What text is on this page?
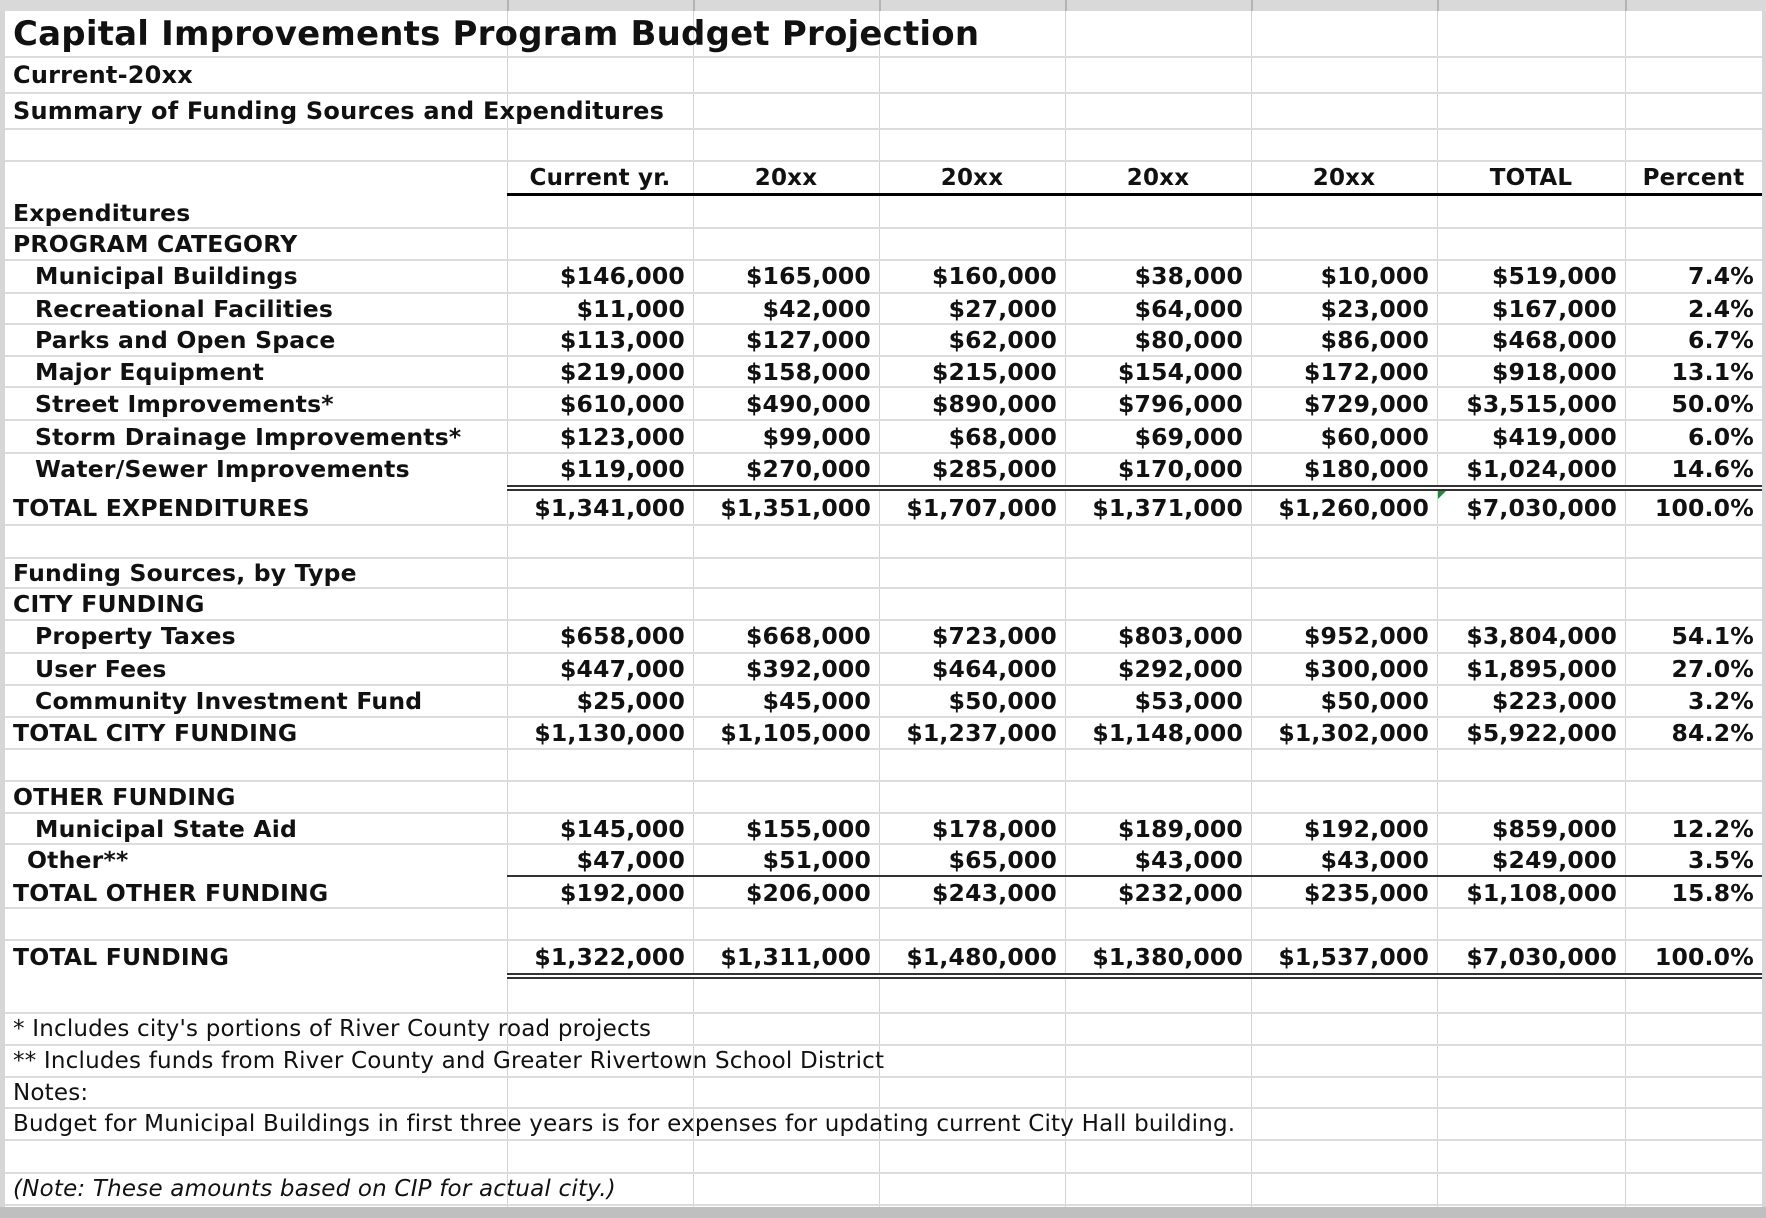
Capital Improvements Program Budget Projection
Current-20xx
Summary of Funding Sources and Expenditures
Current yr.	20xx	20xx	20xx	20xx	TOTAL	Percent
Expenditures
PROGRAM CATEGORY
Municipal Buildings	$146,000	$165,000	$160,000	$38,000	$10,000	$519,000	7.4%
Recreational Facilities	$11,000	$42,000	$27,000	$64,000	$23,000	$167,000	2.4%
Parks and Open Space	$113,000	$127,000	$62,000	$80,000	$86,000	$468,000	6.7%
Major Equipment	$219,000	$158,000	$215,000	$154,000	$172,000	$918,000	13.1%
Street Improvements*	$610,000	$490,000	$890,000	$796,000	$729,000	$3,515,000	50.0%
Storm Drainage Improvements*	$123,000	$99,000	$68,000	$69,000	$60,000	$419,000	6.0%
Water/Sewer Improvements	$119,000	$270,000	$285,000	$170,000	$180,000	$1,024,000	14.6%
TOTAL EXPENDITURES	$1,341,000	$1,351,000	$1,707,000	$1,371,000	$1,260,000	$7,030,000	100.0%
Funding Sources, by Type
CITY FUNDING
Property Taxes	$658,000	$668,000	$723,000	$803,000	$952,000	$3,804,000	54.1%
User Fees	$447,000	$392,000	$464,000	$292,000	$300,000	$1,895,000	27.0%
Community Investment Fund	$25,000	$45,000	$50,000	$53,000	$50,000	$223,000	3.2%
TOTAL CITY FUNDING	$1,130,000	$1,105,000	$1,237,000	$1,148,000	$1,302,000	$5,922,000	84.2%
OTHER FUNDING
Municipal State Aid	$145,000	$155,000	$178,000	$189,000	$192,000	$859,000	12.2%
Other**	$47,000	$51,000	$65,000	$43,000	$43,000	$249,000	3.5%
TOTAL OTHER FUNDING	$192,000	$206,000	$243,000	$232,000	$235,000	$1,108,000	15.8%
TOTAL FUNDING	$1,322,000	$1,311,000	$1,480,000	$1,380,000	$1,537,000	$7,030,000	100.0%
* Includes city's portions of River County road projects
** Includes funds from River County and Greater Rivertown School District
Notes:
Budget for Municipal Buildings in first three years is for expenses for updating current City Hall building.
(Note: These amounts based on CIP for actual city.)
